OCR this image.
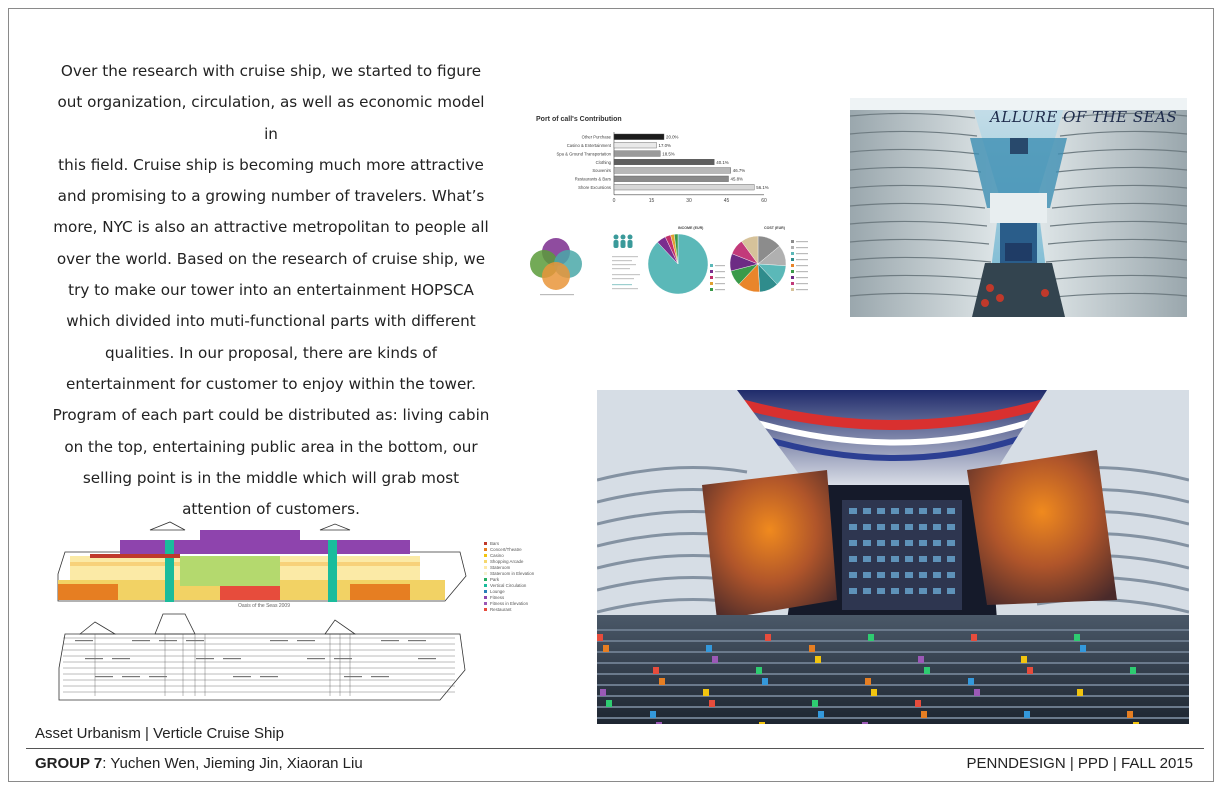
Over the research with cruise ship, we started to figure

out organization, circulation, as well as economic model in

this field. Cruise ship is becoming much more attractive

and promising to a growing number of travelers. What’s

more, NYC is also an attractive metropolitan to people all

over the world. Based on the research of cruise ship, we

try to make our tower into an entertainment HOPSCA

which divided into muti-functional parts with different

qualities. In our proposal, there are kinds of

entertainment for customer to enjoy within the tower.

Program of each part could be distributed as: living cabin

on the top, entertaining public area in the bottom, our

selling point is in the middle which will grab most

attention of customers.

Port of call's Contribution
Other Purchase	20.0%
Casino & Entertainment	17.0%
Spa & Ground Transportation	18.5%
Clothing	40.1%
Souvenirs	46.7%
Restaurants & Bars	45.8%
Shore Excursions	56.1%
0	15	30	45	60
INCOME (EUR)	COST (EUR)
ALLURE OF THE SEAS
Oasis of the Seas 2009
Bars
Concert/Theatre
Casino
Shopping Arcade
Stateroom
Stateroom in Elevation
Park
Vertical Circulation
Lounge
Fitness
Fitness in Elevation
Restaurant
Asset Urbanism | Verticle Cruise Ship
GROUP 7: Yuchen Wen, Jieming Jin, Xiaoran Liu	PENNDESIGN | PPD | FALL 2015
